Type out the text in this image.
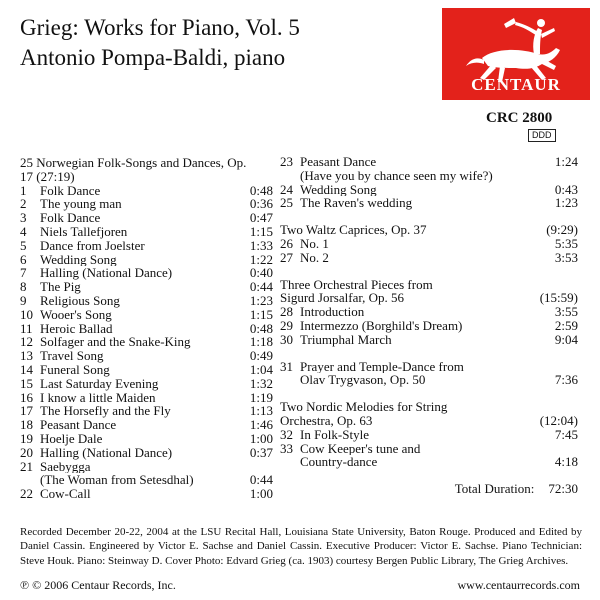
Grieg: Works for Piano, Vol. 5
Antonio Pompa-Baldi, piano
CENTAUR
CRC 2800
DDD
25 Norwegian Folk-Songs and Dances, Op.
17 (27:19)
1	Folk Dance	0:48
2	The young man	0:36
3	Folk Dance	0:47
4	Niels Tallefjoren	1:15
5	Dance from Joelster	1:33
6	Wedding Song	1:22
7	Halling (National Dance)	0:40
8	The Pig	0:44
9	Religious Song	1:23
10 Wooer's Song	1:15
11 Heroic Ballad	0:48
12 Solfager and the Snake-King	1:18
13 Travel Song	0:49
14 Funeral Song	1:04
15 Last Saturday Evening	1:32
16 I know a little Maiden	1:19
17 The Horsefly and the Fly	1:13
18 Peasant Dance	1:46
19 Hoelje Dale	1:00
20 Halling (National Dance)	0:37
21 Saebygga
(The Woman from Setesdhal)	0:44
22 Cow-Call	1:00
23 Peasant Dance	1:24
(Have you by chance seen my wife?)
24 Wedding Song	0:43
25 The Raven's wedding	1:23
Two Waltz Caprices, Op. 37	(9:29)
26 No. 1	5:35
27 No. 2	3:53
Three Orchestral Pieces from
Sigurd Jorsalfar, Op. 56	(15:59)
28 Introduction	3:55
29 Intermezzo (Borghild's Dream)	2:59
30 Triumphal March	9:04
31 Prayer and Temple-Dance from
Olav Trygvason, Op. 50	7:36
Two Nordic Melodies for String
Orchestra, Op. 63	(12:04)
32 In Folk-Style	7:45
33 Cow Keeper's tune and
Country-dance	4:18
Total Duration: 72:30
Recorded December 20-22, 2004 at the LSU Recital Hall, Louisiana State University, Baton Rouge. Produced and Edited by Daniel Cassin. Engineered by Victor E. Sachse and Daniel Cassin. Executive Producer: Victor E. Sachse. Piano Technician: Steve Houk. Piano: Steinway D. Cover Photo: Edvard Grieg (ca. 1903) courtesy Bergen Public Library, The Grieg Archives.
℗ © 2006 Centaur Records, Inc.	www.centaurrecords.com
